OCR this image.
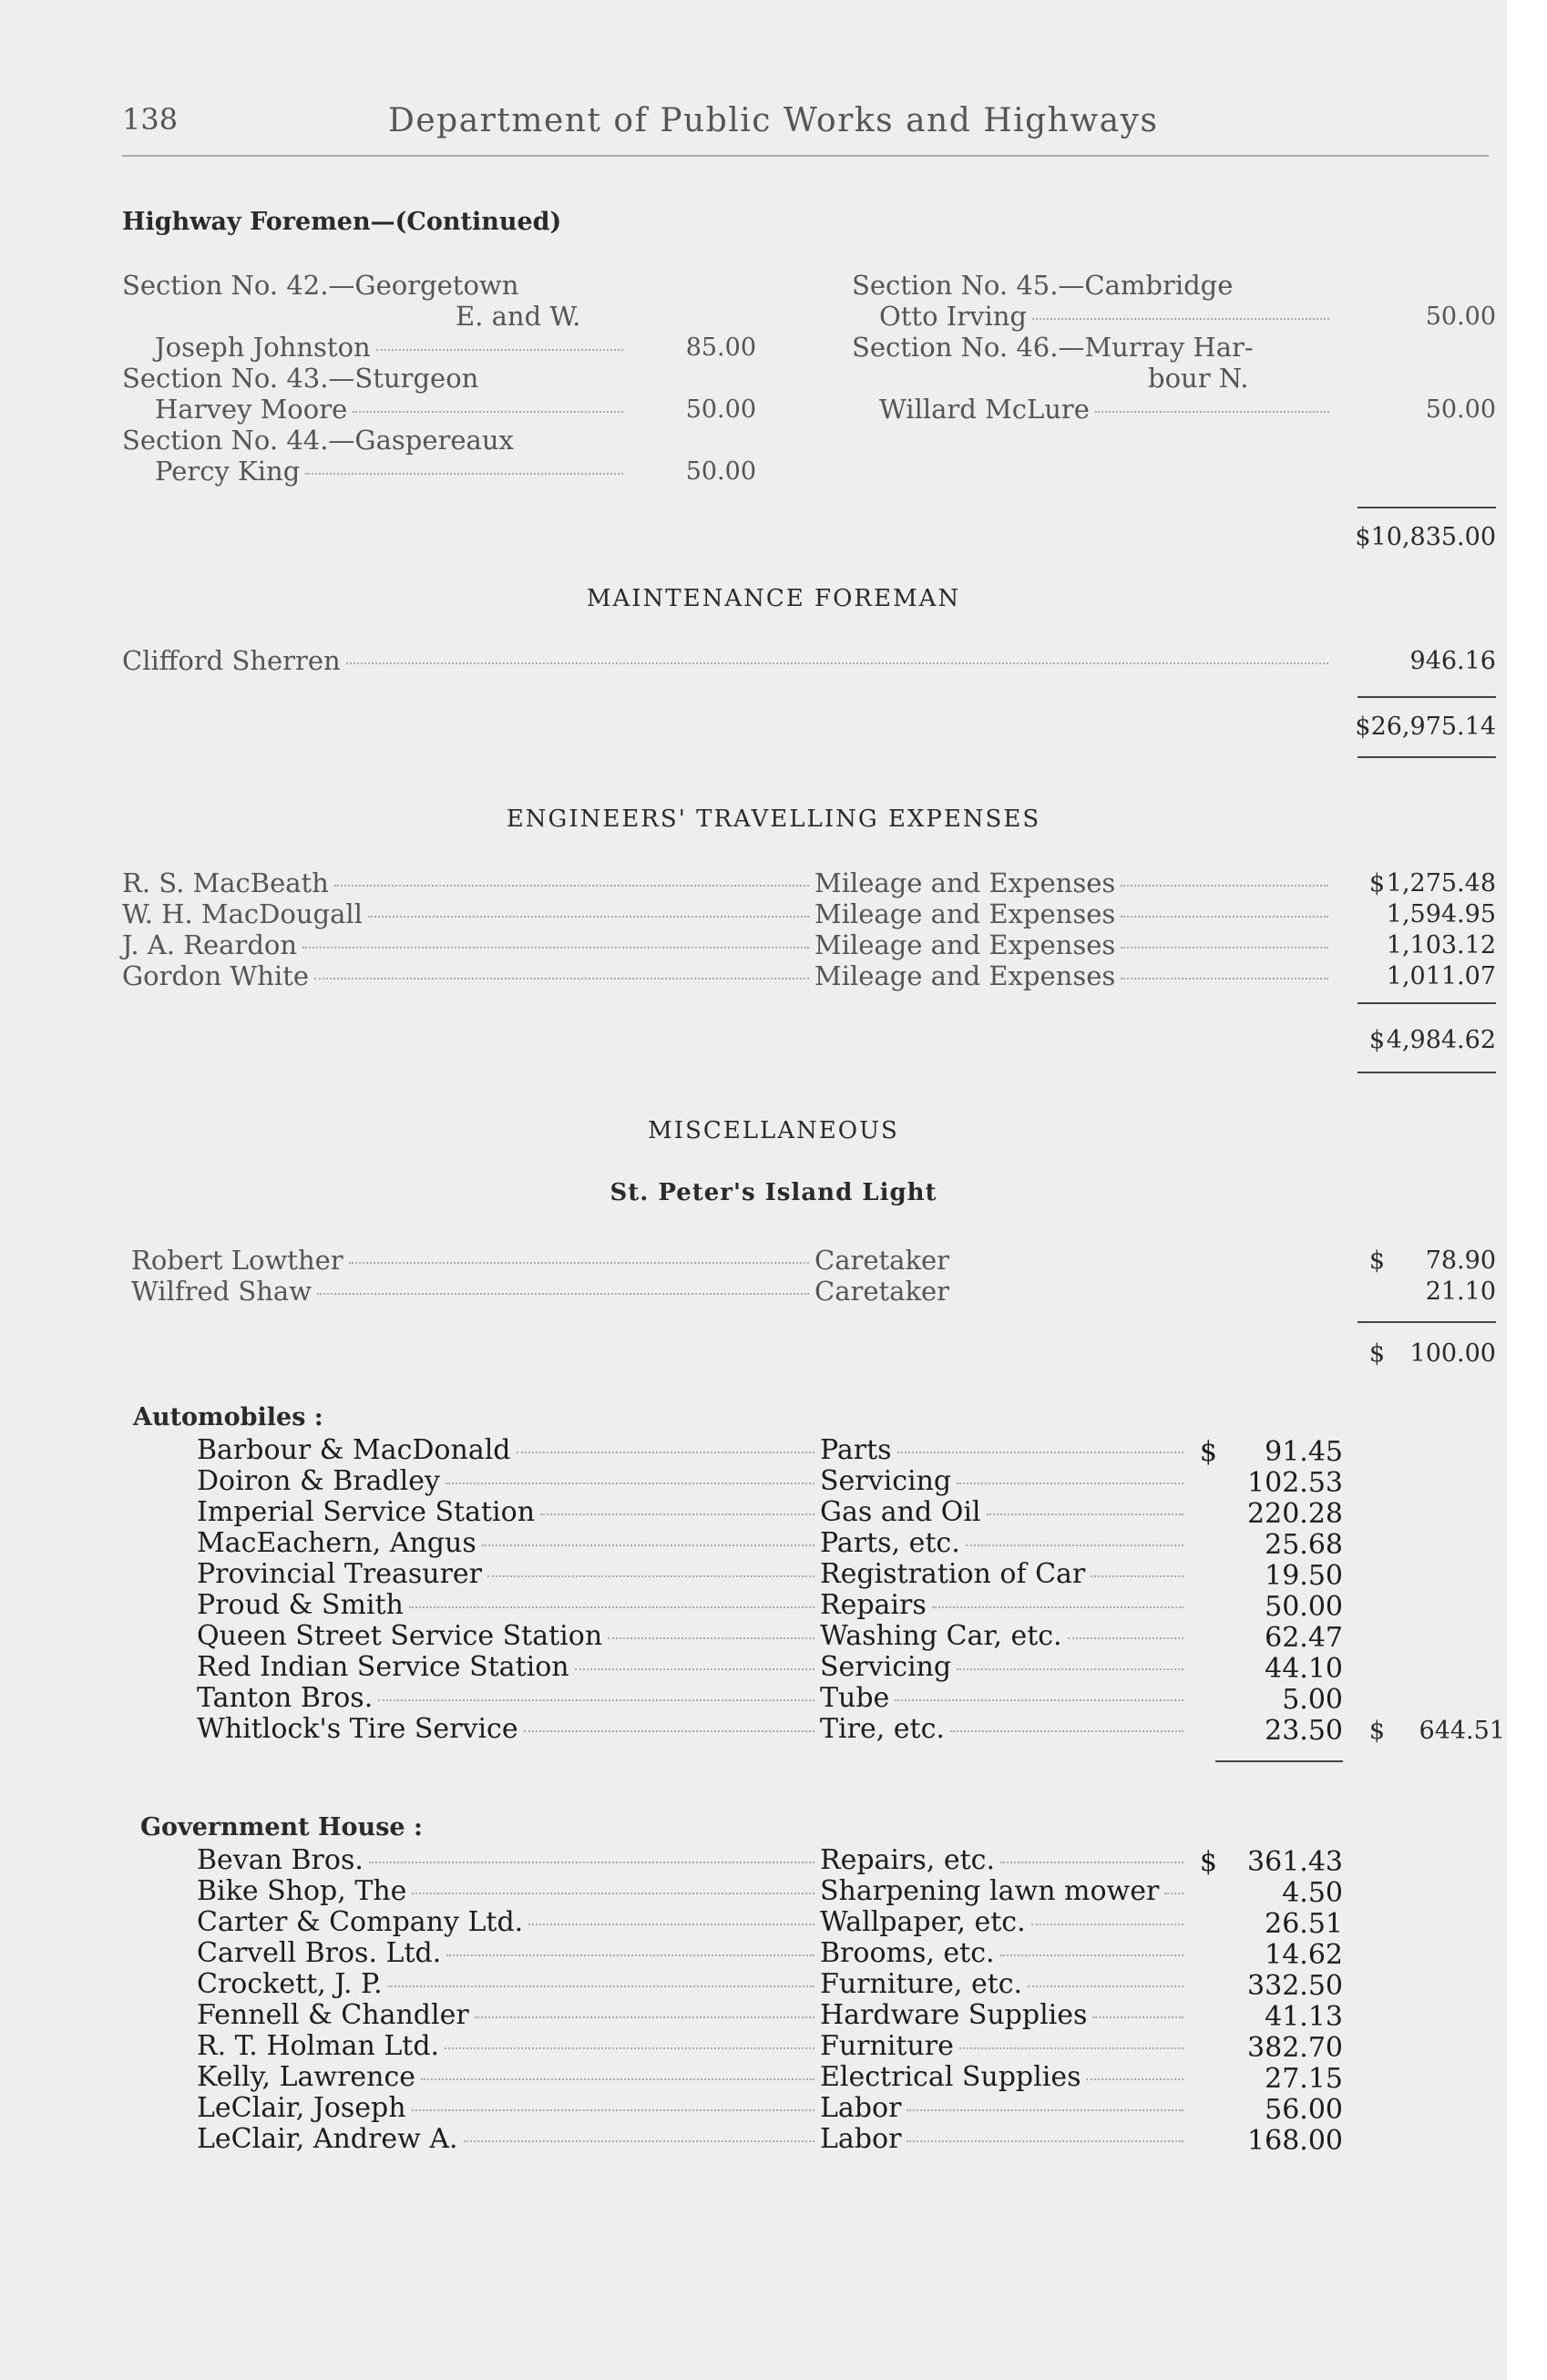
138	Department of Public Works and Highways
Highway Foremen—(Continued)
Section No. 42.—Georgetown
E. and W.
Joseph Johnston	85.00
Section No. 43.—Sturgeon
Harvey Moore	50.00
Section No. 44.—Gaspereaux
Percy King	50.00
Section No. 45.—Cambridge
Otto Irving	50.00
Section No. 46.—Murray Har-
bour N.
Willard McLure	50.00
$10,835.00
MAINTENANCE FOREMAN
Clifford Sherren	946.16
$26,975.14
ENGINEERS' TRAVELLING EXPENSES
R. S. MacBeath	Mileage and Expenses	$ 1,275.48
W. H. MacDougall	Mileage and Expenses	1,594.95
J. A. Reardon	Mileage and Expenses	1,103.12
Gordon White	Mileage and Expenses	1,011.07
$ 4,984.62
MISCELLANEOUS
St. Peter's Island Light
Robert Lowther	Caretaker	$	78.90
Wilfred Shaw	Caretaker	21.10
$	100.00
Automobiles :
Barbour & MacDonald	Parts	$	91.45
Doiron & Bradley	Servicing	102.53
Imperial Service Station	Gas and Oil	220.28
MacEachern, Angus	Parts, etc.	25.68
Provincial Treasurer	Registration of Car	19.50
Proud & Smith	Repairs	50.00
Queen Street Service Station	Washing Car, etc.	62.47
Red Indian Service Station	Servicing	44.10
Tanton Bros.	Tube	5.00
Whitlock's Tire Service	Tire, etc.	23.50	$	644.51
Government House :
Bevan Bros.	Repairs, etc.	$	361.43
Bike Shop, The	Sharpening lawn mower	4.50
Carter & Company Ltd.	Wallpaper, etc.	26.51
Carvell Bros. Ltd.	Brooms, etc.	14.62
Crockett, J. P.	Furniture, etc.	332.50
Fennell & Chandler	Hardware Supplies	41.13
R. T. Holman Ltd.	Furniture	382.70
Kelly, Lawrence	Electrical Supplies	27.15
LeClair, Joseph	Labor	56.00
LeClair, Andrew A.	Labor	168.00
